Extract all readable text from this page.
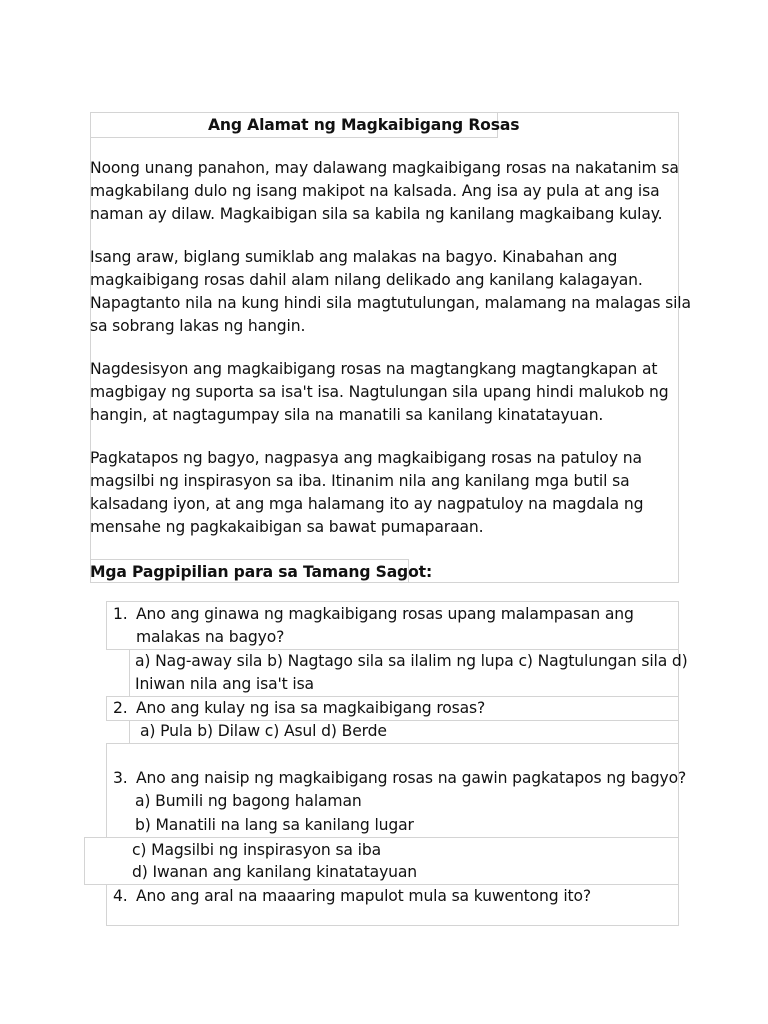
Ang Alamat ng Magkaibigang Rosas
Noong unang panahon, may dalawang magkaibigang rosas na nakatanim sa
magkabilang dulo ng isang makipot na kalsada. Ang isa ay pula at ang isa
naman ay dilaw. Magkaibigan sila sa kabila ng kanilang magkaibang kulay.
Isang araw, biglang sumiklab ang malakas na bagyo. Kinabahan ang
magkaibigang rosas dahil alam nilang delikado ang kanilang kalagayan.
Napagtanto nila na kung hindi sila magtutulungan, malamang na malagas sila
sa sobrang lakas ng hangin.
Nagdesisyon ang magkaibigang rosas na magtangkang magtangkapan at
magbigay ng suporta sa isa't isa. Nagtulungan sila upang hindi malukob ng
hangin, at nagtagumpay sila na manatili sa kanilang kinatatayuan.
Pagkatapos ng bagyo, nagpasya ang magkaibigang rosas na patuloy na
magsilbi ng inspirasyon sa iba. Itinanim nila ang kanilang mga butil sa
kalsadang iyon, at ang mga halamang ito ay nagpatuloy na magdala ng
mensahe ng pagkakaibigan sa bawat pumaparaan.
Mga Pagpipilian para sa Tamang Sagot:
1. Ano ang ginawa ng magkaibigang rosas upang malampasan ang
malakas na bagyo?
a) Nag-away sila b) Nagtago sila sa ilalim ng lupa c) Nagtulungan sila d)
Iniwan nila ang isa't isa
2. Ano ang kulay ng isa sa magkaibigang rosas?
a) Pula b) Dilaw c) Asul d) Berde
3. Ano ang naisip ng magkaibigang rosas na gawin pagkatapos ng bagyo?
a) Bumili ng bagong halaman
b) Manatili na lang sa kanilang lugar
c) Magsilbi ng inspirasyon sa iba
d) Iwanan ang kanilang kinatatayuan
4. Ano ang aral na maaaring mapulot mula sa kuwentong ito?
